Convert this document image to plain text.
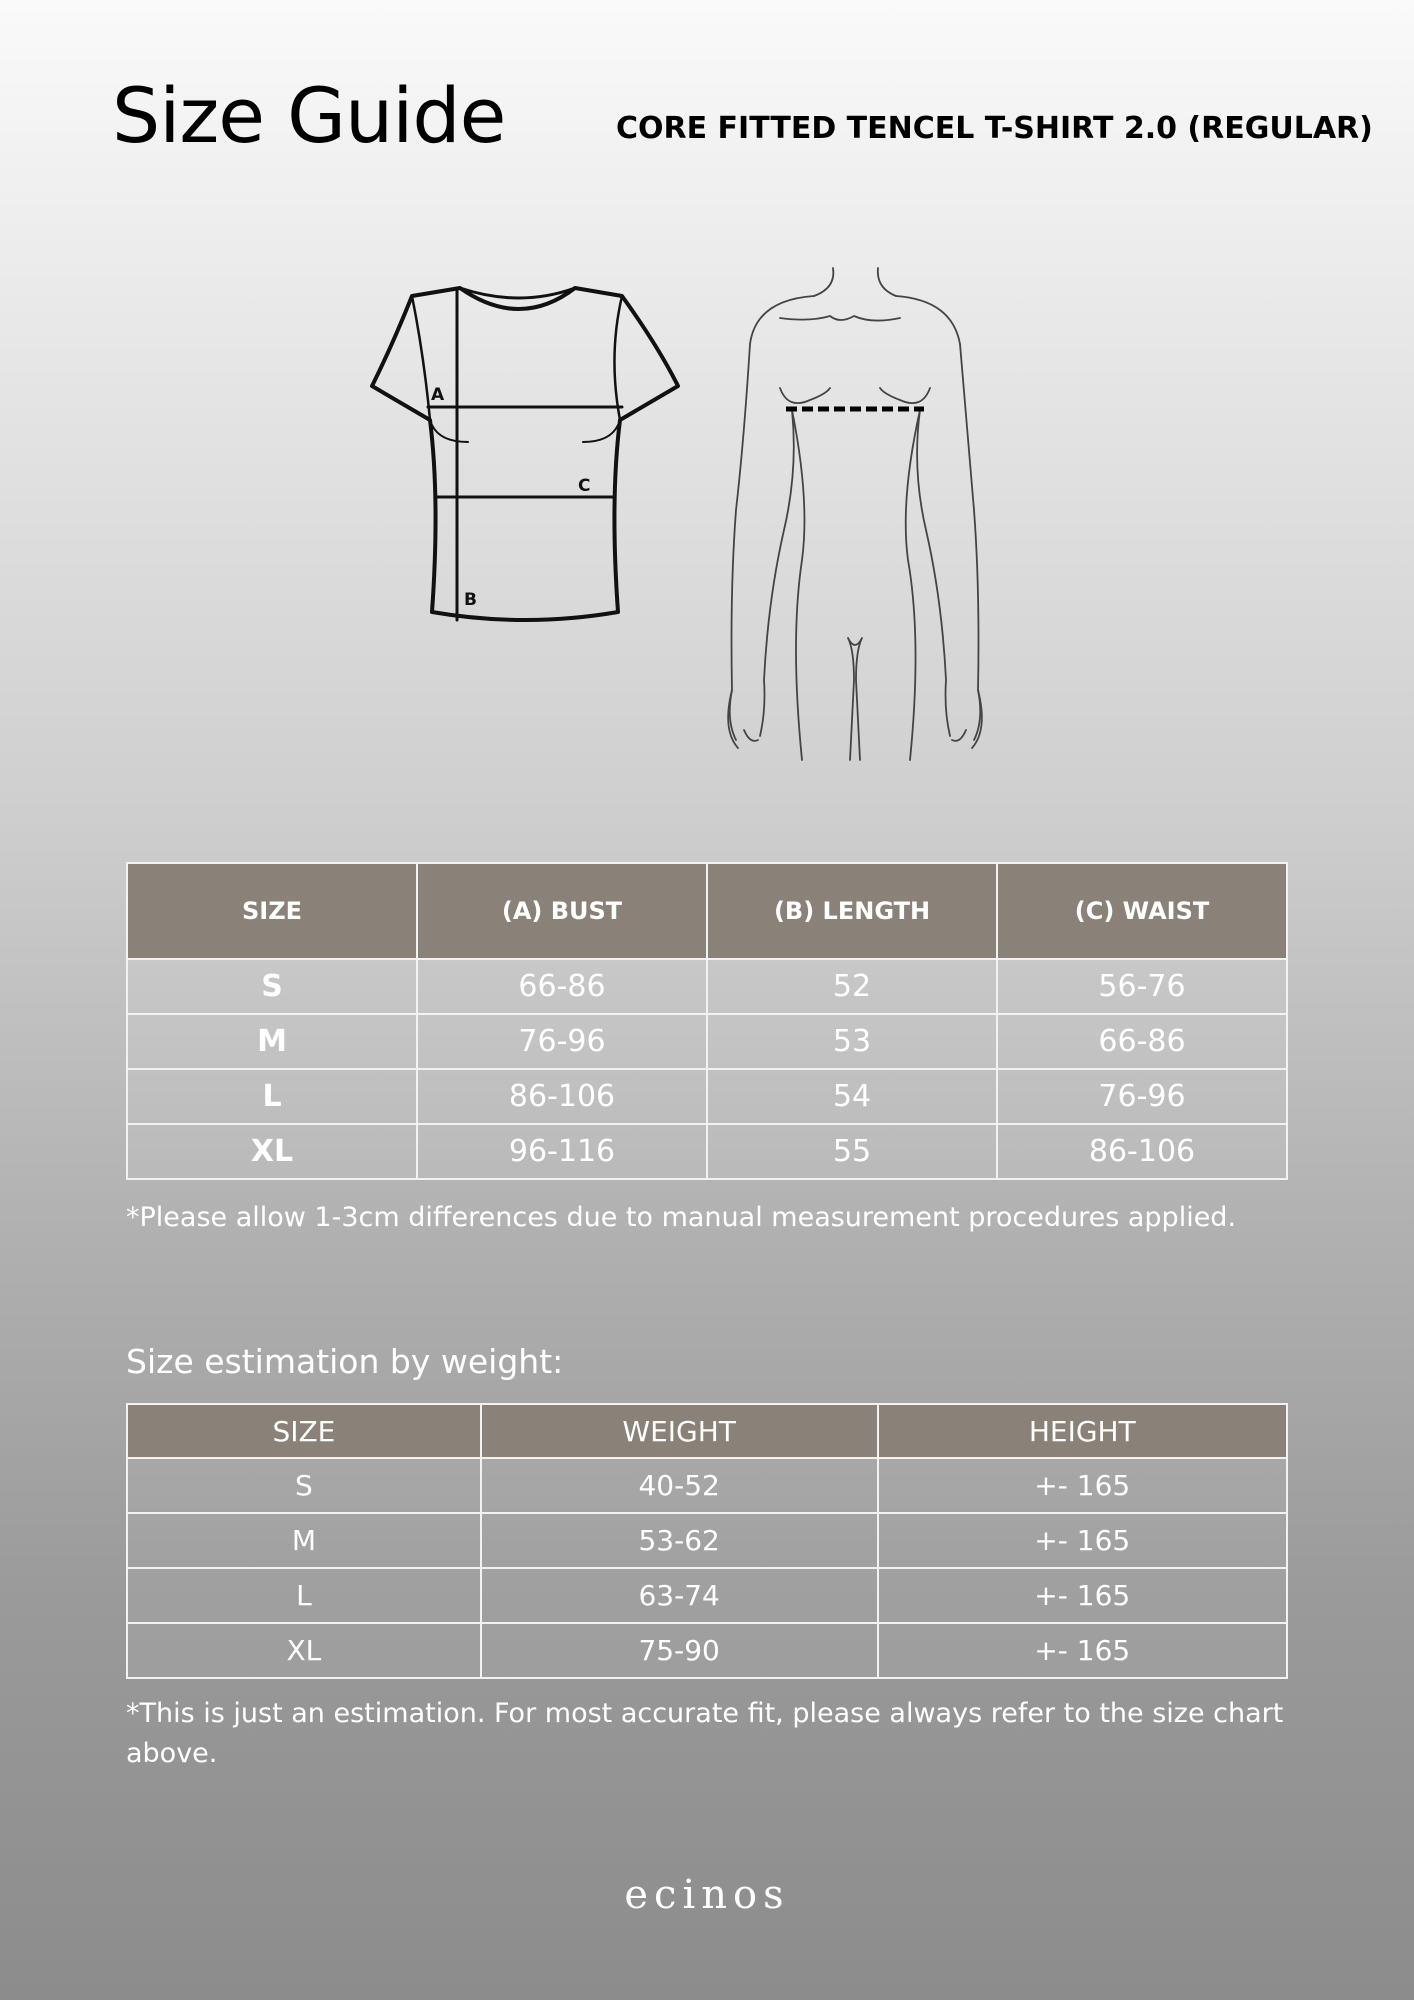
Size Guide	CORE FITTED TENCEL T-SHIRT 2.0 (REGULAR)
A
B
C
SIZE	(A) BUST	(B) LENGTH	(C) WAIST
S	66-86	52	56-76
M	76-96	53	66-86
L	86-106	54	76-96
XL	96-116	55	86-106
*Please allow 1-3cm differences due to manual measurement procedures applied.
Size estimation by weight:
SIZE	WEIGHT	HEIGHT
S	40-52	+- 165
M	53-62	+- 165
L	63-74	+- 165
XL	75-90	+- 165
*This is just an estimation. For most accurate fit, please always refer to the size chart above.
ecinos
